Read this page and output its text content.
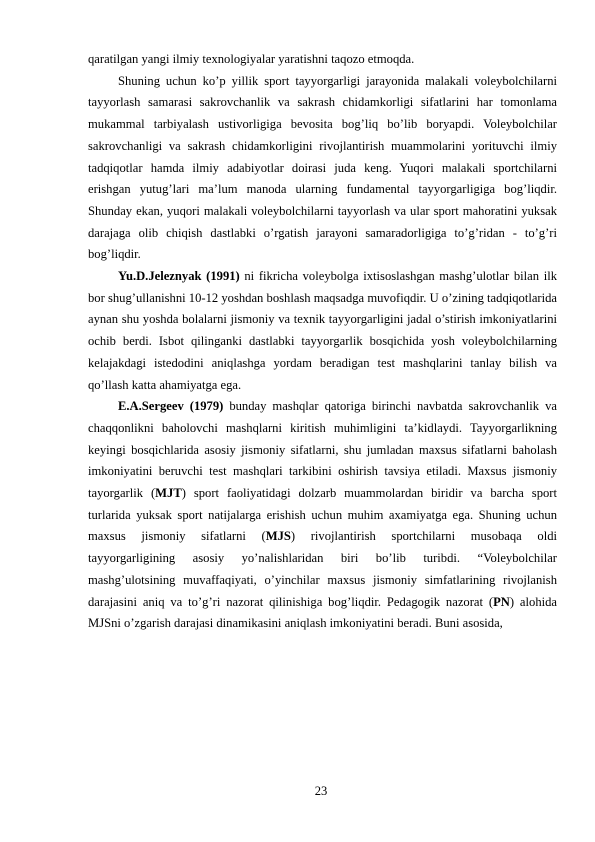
qaratilgan yangi ilmiy texnologiyalar yaratishni taqozo etmoqda.

Shuning uchun ko’p yillik sport tayyorgarligi jarayonida malakali voleybolchilarni tayyorlash samarasi sakrovchanlik va sakrash chidamkorligi sifatlarini har tomonlama mukammal tarbiyalash ustivorligiga bevosita bog’liq bo’lib boryapdi. Voleybolchilar sakrovchanligi va sakrash chidamkorligini rivojlantirish muammolarini yorituvchi ilmiy tadqiqotlar hamda ilmiy adabiyotlar doirasi juda keng. Yuqori malakali sportchilarni erishgan yutug’lari ma’lum manoda ularning fundamental tayyorgarligiga bog’liqdir. Shunday ekan, yuqori malakali voleybolchilarni tayyorlash va ular sport mahoratini yuksak darajaga olib chiqish dastlabki o’rgatish jarayoni samaradorligiga to’g’ridan - to’g’ri bog’liqdir.

Yu.D.Jeleznyak (1991) ni fikricha voleybolga ixtisoslashgan mashg’ulotlar bilan ilk bor shug’ullanishni 10-12 yoshdan boshlash maqsadga muvofiqdir. U o’zining tadqiqotlarida aynan shu yoshda bolalarni jismoniy va texnik tayyorgarligini jadal o’stirish imkoniyatlarini ochib berdi. Isbot qilinganki dastlabki tayyorgarlik bosqichida yosh voleybolchilarning kelajakdagi istedodini aniqlashga yordam beradigan test mashqlarini tanlay bilish va qo’llash katta ahamiyatga ega.

E.A.Sergeev (1979) bunday mashqlar qatoriga birinchi navbatda sakrovchanlik va chaqqonlikni baholovchi mashqlarni kiritish muhimligini ta’kidlaydi. Tayyorgarlikning keyingi bosqichlarida asosiy jismoniy sifatlarni, shu jumladan maxsus sifatlarni baholash imkoniyatini beruvchi test mashqlari tarkibini oshirish tavsiya etiladi. Maxsus jismoniy tayorgarlik (MJT) sport faoliyatidagi dolzarb muammolardan biridir va barcha sport turlarida yuksak sport natijalarga erishish uchun muhim axamiyatga ega. Shuning uchun maxsus jismoniy sifatlarni (MJS) rivojlantirish sportchilarni musobaqa oldi tayyorgarligining asosiy yo’nalishlaridan biri bo’lib turibdi. “Voleybolchilar mashg’ulotsining muvaffaqiyati, o’yinchilar maxsus jismoniy simfatlarining rivojlanish darajasini aniq va to’g’ri nazorat qilinishiga bog’liqdir. Pedagogik nazorat (PN) alohida MJSni o’zgarish darajasi dinamikasini aniqlash imkoniyatini beradi. Buni asosida,

23
